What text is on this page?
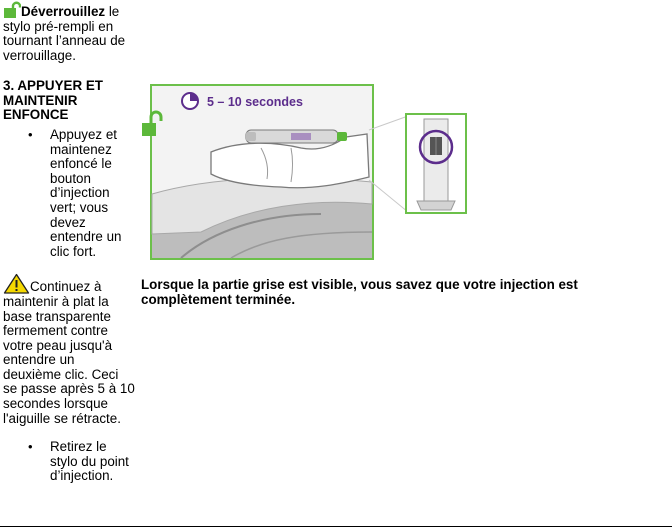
Déverrouillez le stylo pré-rempli en tournant l’anneau de verrouillage.

3. APPUYER ET MAINTENIR ENFONCE

• Appuyez et maintenez enfoncé le bouton d’injection vert; vous devez entendre un clic fort.

Continuez à maintenir à plat la base transparente fermement contre votre peau jusqu'à entendre un deuxième clic. Ceci se passe après 5 à 10 secondes lorsque l'aiguille se rétracte.

• Retirez le stylo du point d’injection.
5 – 10 secondes
Lorsque la partie grise est visible, vous savez que votre injection est complètement terminée.
